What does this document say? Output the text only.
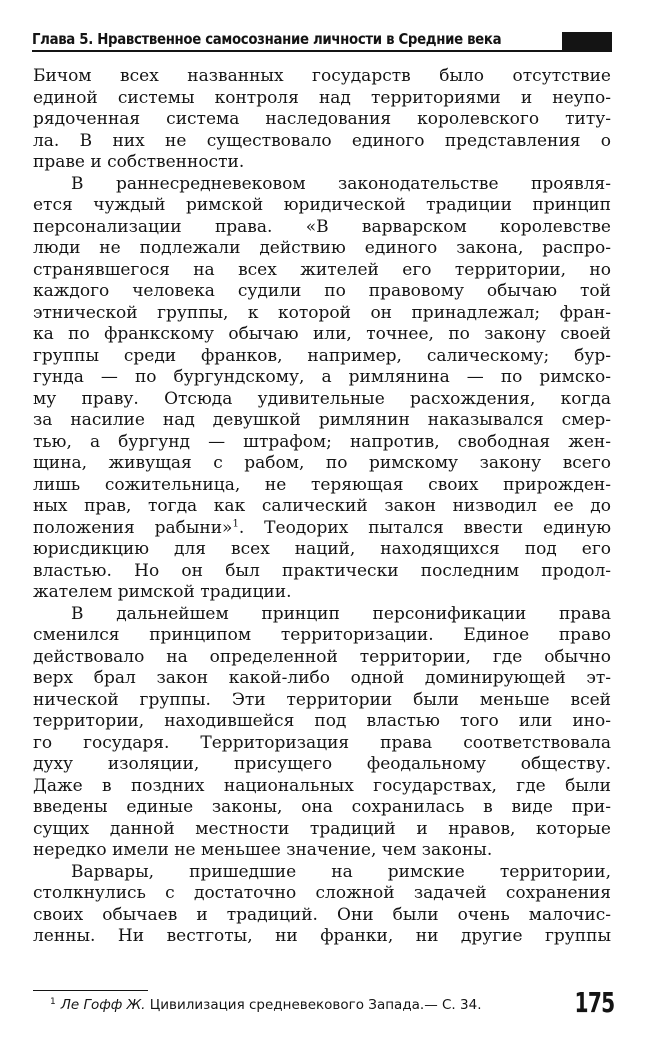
Глава 5. Нравственное самосознание личности в Средние века
Бичом всех названных государств было отсутствие
единой системы контроля над территориями и неупо-
рядоченная система наследования королевского титу-
ла. В них не существовало единого представления о
праве и собственности.
В раннесредневековом законодательстве проявля-
ется чуждый римской юридической традиции принцип
персонализации права. «В варварском королевстве
люди не подлежали действию единого закона, распро-
странявшегося на всех жителей его территории, но
каждого человека судили по правовому обычаю той
этнической группы, к которой он принадлежал; фран-
ка по франкскому обычаю или, точнее, по закону своей
группы среди франков, например, салическому; бур-
гунда — по бургундскому, а римлянина — по римско-
му праву. Отсюда удивительные расхождения, когда
за насилие над девушкой римлянин наказывался смер-
тью, а бургунд — штрафом; напротив, свободная жен-
щина, живущая с рабом, по римскому закону всего
лишь сожительница, не теряющая своих прирожден-
ных прав, тогда как салический закон низводил ее до
положения рабыни»$^1$. Теодорих пытался ввести единую
юрисдикцию для всех наций, находящихся под его
властью. Но он был практически последним продол-
жателем римской традиции.
В дальнейшем принцип персонификации права
сменился принципом территоризации. Единое право
действовало на определенной территории, где обычно
верх брал закон какой-либо одной доминирующей эт-
нической группы. Эти территории были меньше всей
территории, находившейся под властью того или ино-
го государя. Территоризация права соответствовала
духу изоляции, присущего феодальному обществу.
Даже в поздних национальных государствах, где были
введены единые законы, она сохранилась в виде при-
сущих данной местности традиций и нравов, которые
нередко имели не меньшее значение, чем законы.
Варвары, пришедшие на римские территории,
столкнулись с достаточно сложной задачей сохранения
своих обычаев и традиций. Они были очень малочис-
ленны. Ни вестготы, ни франки, ни другие группы
$^1$ Ле Гофф Ж. Цивилизация средневекового Запада.— С. 34.	175
